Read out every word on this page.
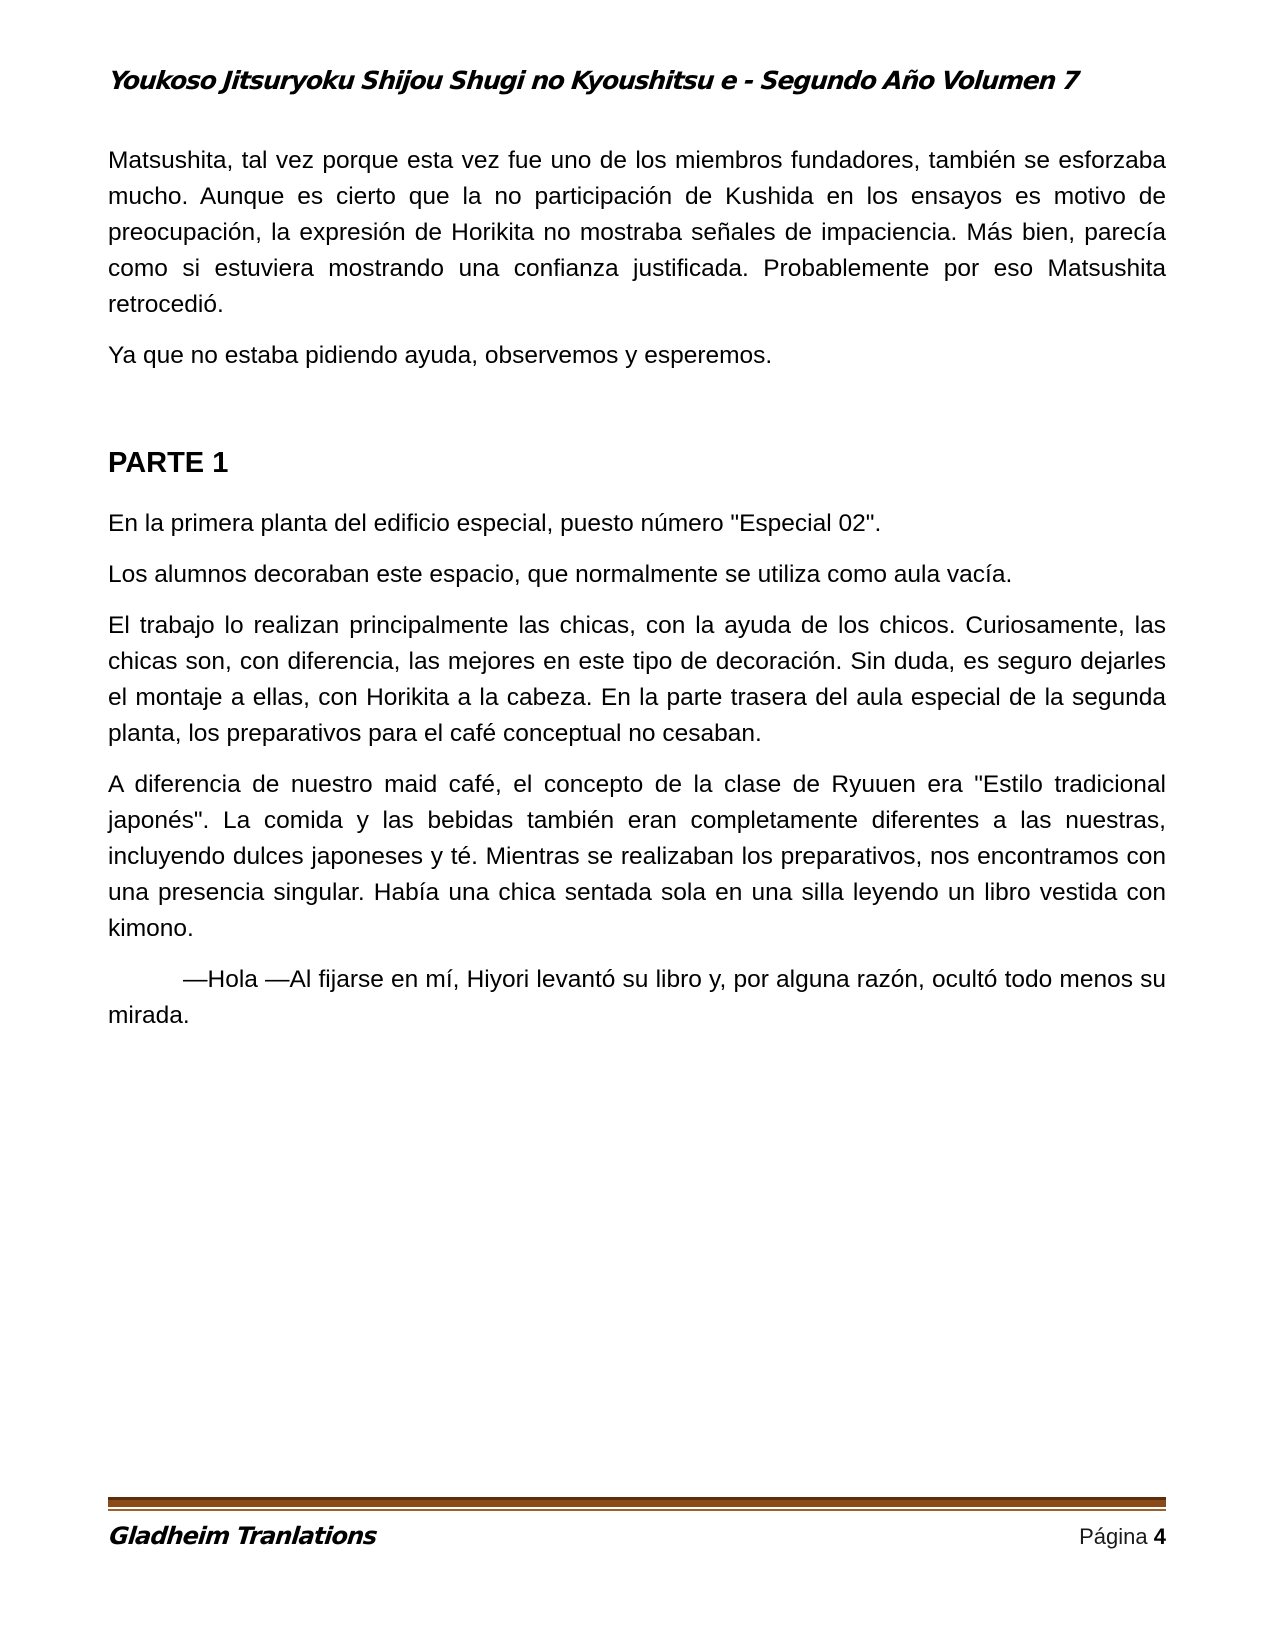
Youkoso Jitsuryoku Shijou Shugi no Kyoushitsu e - Segundo Año Volumen 7

Matsushita, tal vez porque esta vez fue uno de los miembros fundadores, también se esforzaba mucho. Aunque es cierto que la no participación de Kushida en los ensayos es motivo de preocupación, la expresión de Horikita no mostraba señales de impaciencia. Más bien, parecía como si estuviera mostrando una confianza justificada. Probablemente por eso Matsushita retrocedió.

Ya que no estaba pidiendo ayuda, observemos y esperemos.

PARTE 1

En la primera planta del edificio especial, puesto número "Especial 02".

Los alumnos decoraban este espacio, que normalmente se utiliza como aula vacía.

El trabajo lo realizan principalmente las chicas, con la ayuda de los chicos. Curiosamente, las chicas son, con diferencia, las mejores en este tipo de decoración. Sin duda, es seguro dejarles el montaje a ellas, con Horikita a la cabeza. En la parte trasera del aula especial de la segunda planta, los preparativos para el café conceptual no cesaban.

A diferencia de nuestro maid café, el concepto de la clase de Ryuuen era "Estilo tradicional japonés". La comida y las bebidas también eran completamente diferentes a las nuestras, incluyendo dulces japoneses y té. Mientras se realizaban los preparativos, nos encontramos con una presencia singular. Había una chica sentada sola en una silla leyendo un libro vestida con kimono.

—Hola —Al fijarse en mí, Hiyori levantó su libro y, por alguna razón, ocultó todo menos su mirada.

Gladheim Tranlations	Página 4
